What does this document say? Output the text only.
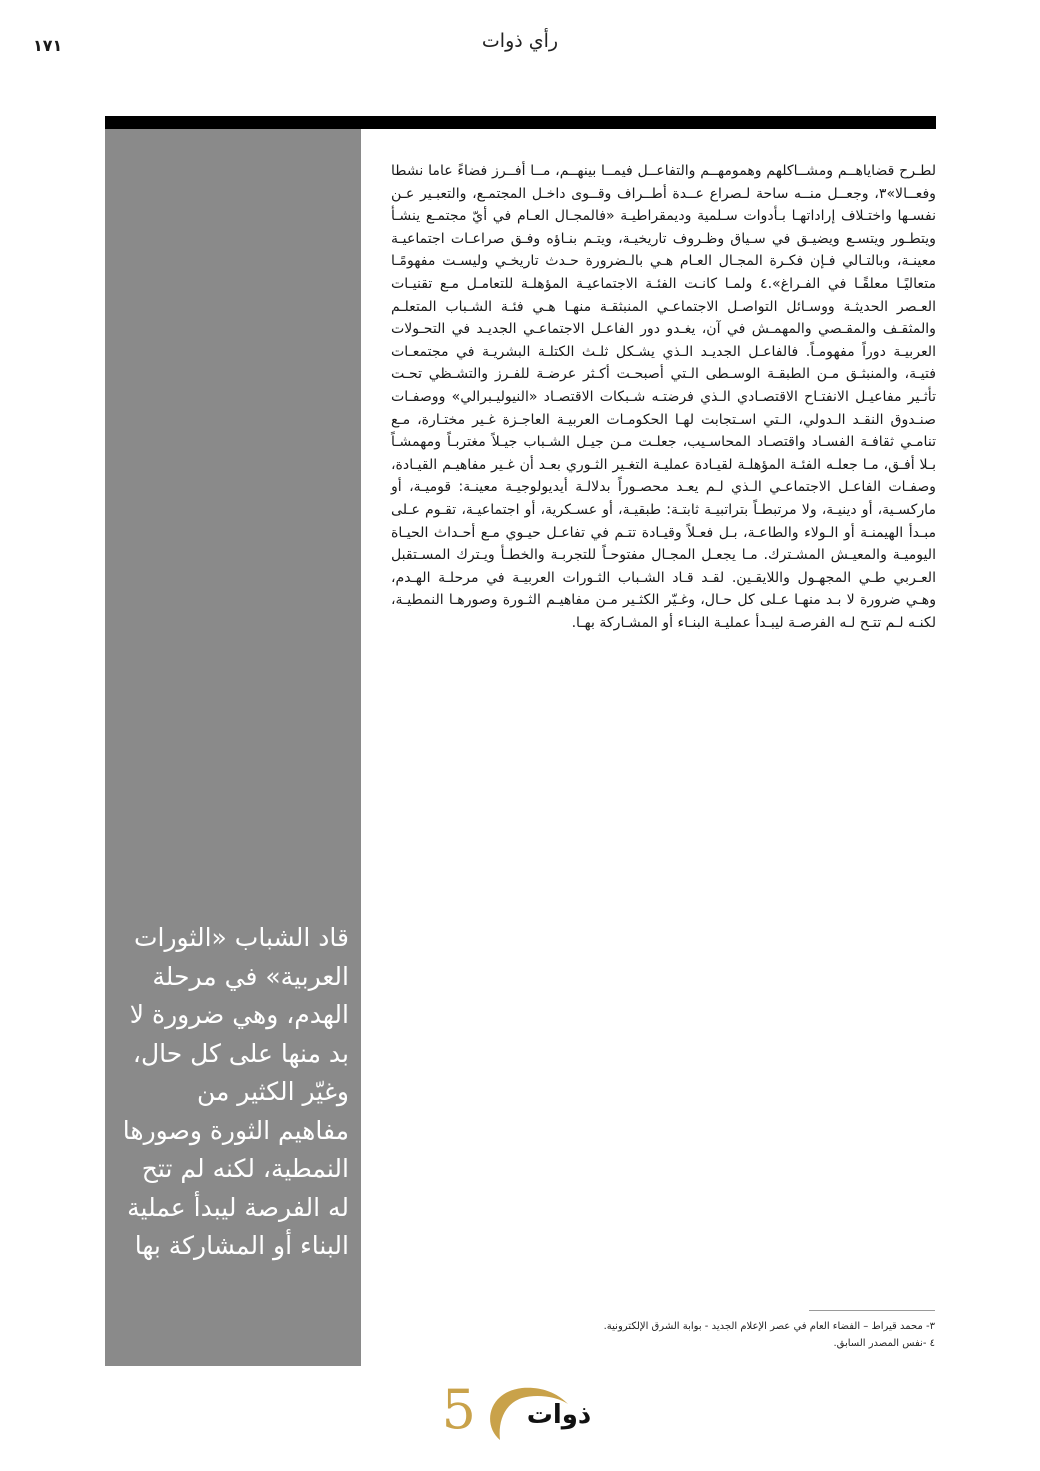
١٧١	رأي ذوات

قاد الشباب «الثورات العربية» في مرحلة الهدم، وهي ضرورة لا بد منها على كل حال، وغيّر الكثير من مفاهيم الثورة وصورها النمطية، لكنه لم تتح له الفرصة ليبدأ عملية البناء أو المشاركة بها

لطـرح قضاياهــم ومشــاكلهم وهمومهــم والتفاعــل فيمــا بينهــم، مــا أفــرز فضاءً عاما نشطا وفعــالا»٣، وجعــل منــه ساحة لـصراع عــدة أطــراف وقــوى داخـل المجتمـع، والتعبـير عـن نفسـها واختـلاف إراداتهـا بـأدوات سـلمية وديمقراطيـة «فالمجـال العـام في أيّ مجتمـع ينشـأ ويتطـور ويتسـع ويضيـق في سـياق وظـروف تاريخيـة، ويتـم بنـاؤه وفـق صراعـات اجتماعيـة معينـة، وبالتـالي فـإن فكـرة المجـال العـام هـي بالـضرورة حـدث تاريخـي وليسـت مفهومًـا متعاليًـا معلقًـا في الفـراغ».٤ ولمـا كانـت الفئـة الاجتماعيـة المؤهلـة للتعامـل مـع تقنيـات العـصر الحديثـة ووسـائل التواصـل الاجتماعـي المنبثقـة منهـا هـي فئـة الشـباب المتعلـم والمثقـف والمقـصي والمهمـش في آن، يغـدو دور الفاعـل الاجتماعـي الجديـد في التحـولات العربيـة دوراً مفهومـاً. فالفاعـل الجديـد الـذي يشـكل ثلـث الكتلـة البشريـة في مجتمعـات فتيـة، والمنبثـق مـن الطبقـة الوسـطى الـتي أصبحـت أكـثر عرضـة للفـرز والتشـظي تحـت تأثـير مفاعيـل الانفتـاح الاقتصـادي الـذي فرضتـه شـبكات الاقتصـاد «النيوليـبرالي» ووصفـات صنـدوق النقـد الـدولي، الـتي اسـتجابت لهـا الحكومـات العربيـة العاجـزة غـير مختـارة، مـع تنامـي ثقافـة الفسـاد واقتصـاد المحاسـيب، جعلـت مـن جيـل الشـباب جيـلاً مغتربـاً ومهمشـاً بـلا أفـق، مـا جعلـه الفئـة المؤهلـة لقيـادة عمليـة التغـير الثـوري بعـد أن غـير مفاهيـم القيـادة، وصفـات الفاعـل الاجتماعـي الـذي لـم يعـد محصـوراً بدلالـة أيديولوجيـة معينـة: قوميـة، أو ماركسـية، أو دينيـة، ولا مرتبطـاً بتراتبيـة ثابتـة: طبقيـة، أو عسـكرية، أو اجتماعيـة، تقـوم عـلى مبـدأ الهيمنـة أو الـولاء والطاعـة، بـل فعـلاً وقيـادة تتـم في تفاعـل حيـوي مـع أحـداث الحيـاة اليوميـة والمعيـش المشـترك. مـا يجعـل المجـال مفتوحـاً للتجربـة والخطـأ ويـترك المسـتقبل العـربي طـي المجهـول واللايقـين. لقـد قـاد الشـباب الثـورات العربيـة في مرحلـة الهـدم، وهـي ضرورة لا بـد منهـا عـلى كل حـال، وغـيّر الكثـير مـن مفاهيـم الثـورة وصورهـا النمطيـة، لكنـه لـم تتـح لـه الفرصـة ليبـدأ عمليـة البنـاء أو المشـاركة بهـا.

٣- محمد قيراط – الفضاء العام في عصر الإعلام الجديد - بوابة الشرق الإلكترونية.
٤ -نفس المصدر السابق.
5	ذوات
